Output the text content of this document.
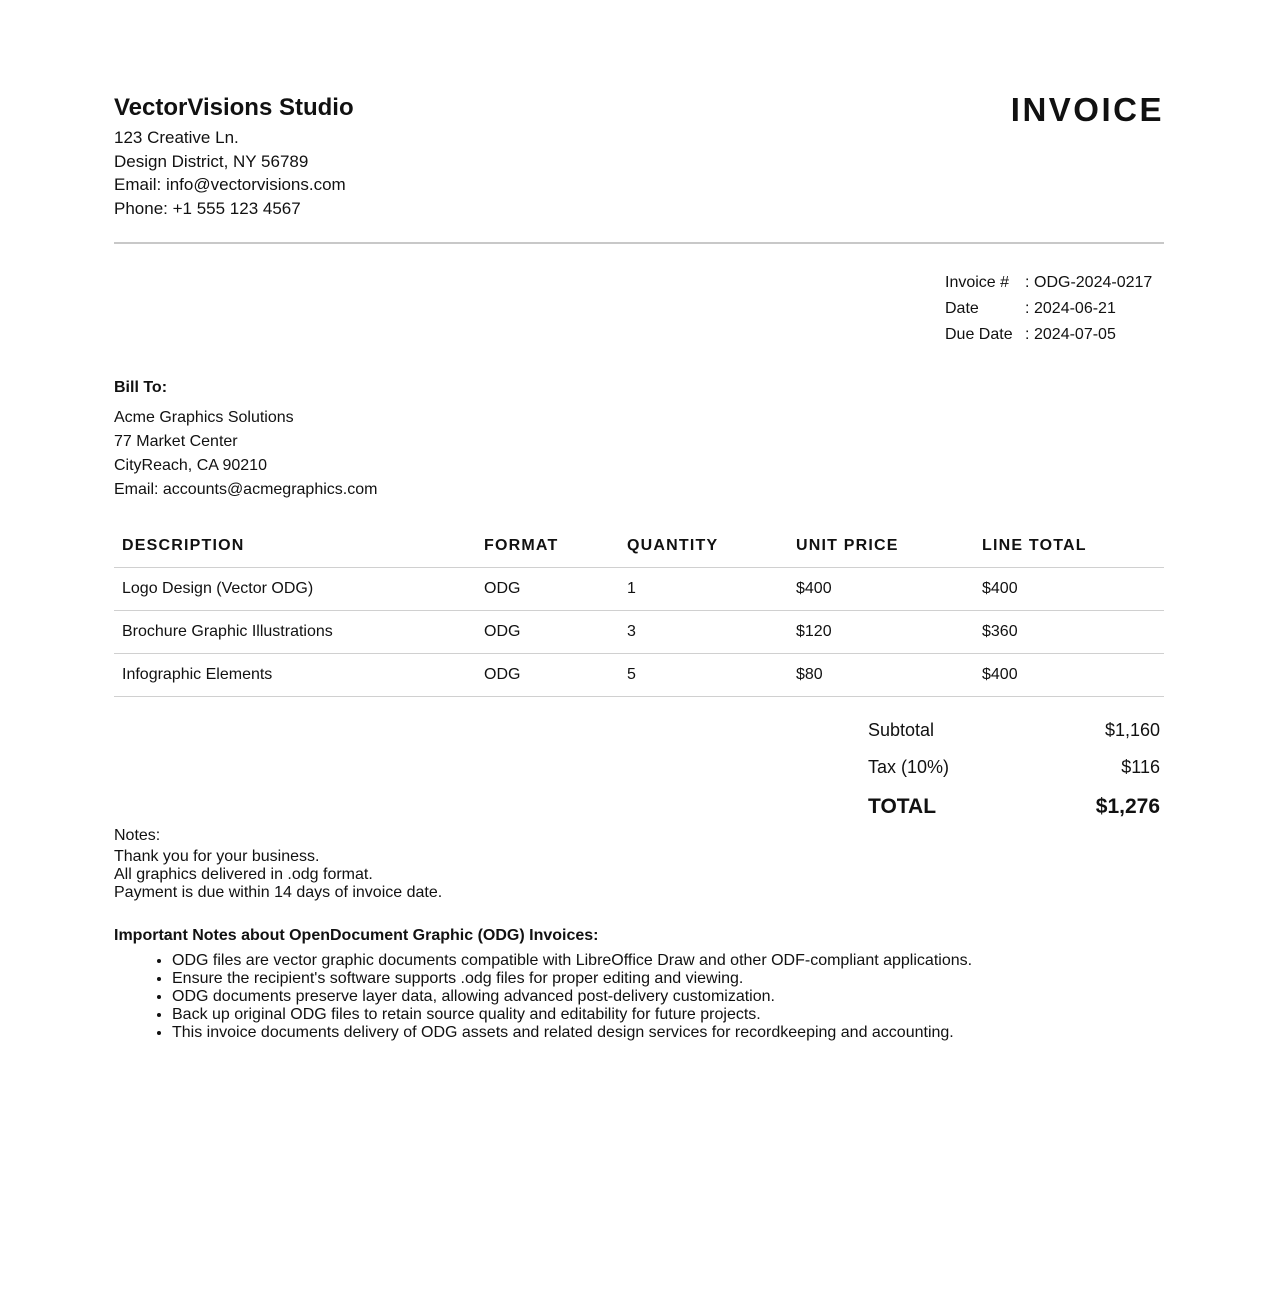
VectorVisions Studio
123 Creative Ln.
Design District, NY 56789
Email: info@vectorvisions.com
Phone: +1 555 123 4567
INVOICE
Invoice #	:	ODG-2024-0217
Date	:	2024-06-21
Due Date	:	2024-07-05
Bill To:
Acme Graphics Solutions
77 Market Center
CityReach, CA 90210
Email: accounts@acmegraphics.com
DESCRIPTION	FORMAT	QUANTITY	UNIT PRICE	LINE TOTAL
Logo Design (Vector ODG)	ODG	1	$400	$400
Brochure Graphic Illustrations	ODG	3	$120	$360
Infographic Elements	ODG	5	$80	$400
Subtotal	$1,160
Tax (10%)	$116
TOTAL	$1,276
Notes:
Thank you for your business.
All graphics delivered in .odg format.
Payment is due within 14 days of invoice date.
Important Notes about OpenDocument Graphic (ODG) Invoices:
• ODG files are vector graphic documents compatible with LibreOffice Draw and other ODF-compliant applications.
• Ensure the recipient's software supports .odg files for proper editing and viewing.
• ODG documents preserve layer data, allowing advanced post-delivery customization.
• Back up original ODG files to retain source quality and editability for future projects.
• This invoice documents delivery of ODG assets and related design services for recordkeeping and accounting.
